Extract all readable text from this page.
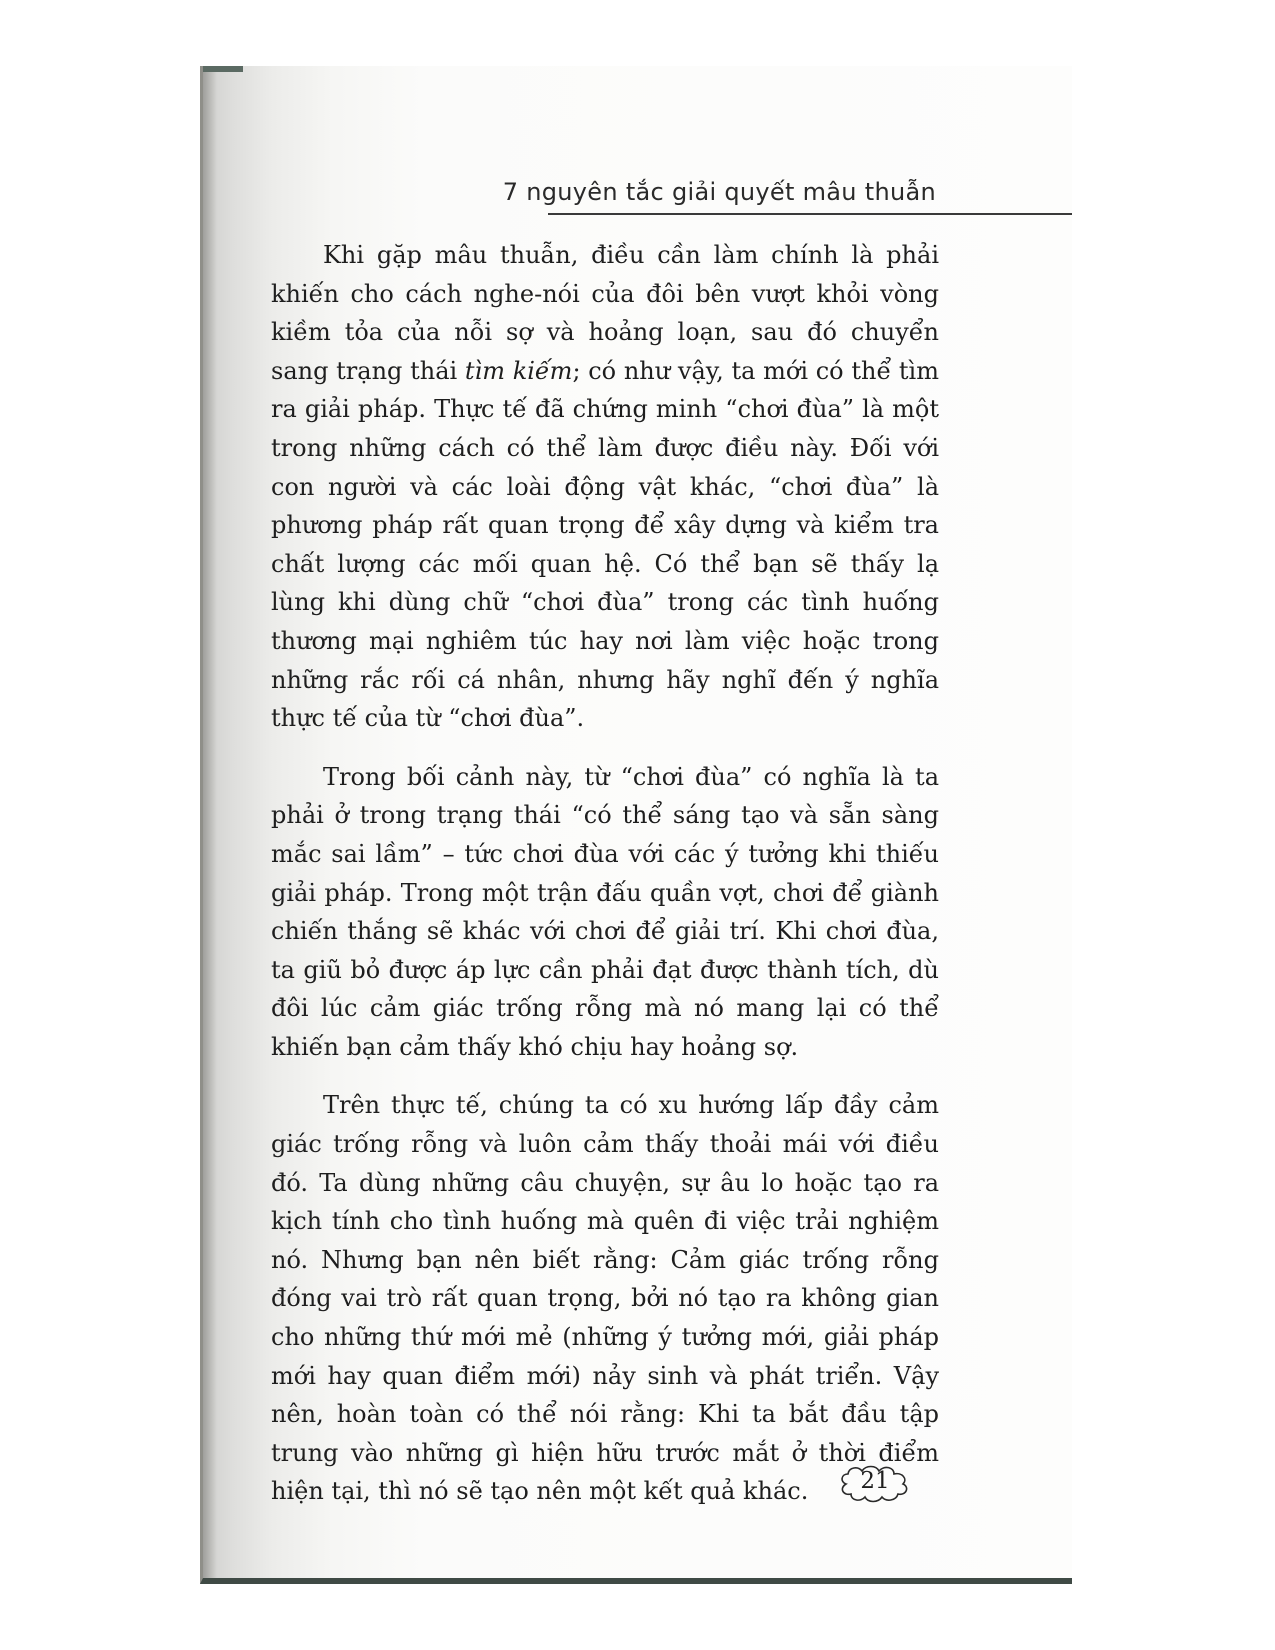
7 nguyên tắc giải quyết mâu thuẫn

Khi gặp mâu thuẫn, điều cần làm chính là phải khiến cho cách nghe-nói của đôi bên vượt khỏi vòng kiềm tỏa của nỗi sợ và hoảng loạn, sau đó chuyển sang trạng thái tìm kiếm; có như vậy, ta mới có thể tìm ra giải pháp. Thực tế đã chứng minh “chơi đùa” là một trong những cách có thể làm được điều này. Đối với con người và các loài động vật khác, “chơi đùa” là phương pháp rất quan trọng để xây dựng và kiểm tra chất lượng các mối quan hệ. Có thể bạn sẽ thấy lạ lùng khi dùng chữ “chơi đùa” trong các tình huống thương mại nghiêm túc hay nơi làm việc hoặc trong những rắc rối cá nhân, nhưng hãy nghĩ đến ý nghĩa thực tế của từ “chơi đùa”.

Trong bối cảnh này, từ “chơi đùa” có nghĩa là ta phải ở trong trạng thái “có thể sáng tạo và sẵn sàng mắc sai lầm” – tức chơi đùa với các ý tưởng khi thiếu giải pháp. Trong một trận đấu quần vợt, chơi để giành chiến thắng sẽ khác với chơi để giải trí. Khi chơi đùa, ta giũ bỏ được áp lực cần phải đạt được thành tích, dù đôi lúc cảm giác trống rỗng mà nó mang lại có thể khiến bạn cảm thấy khó chịu hay hoảng sợ.

Trên thực tế, chúng ta có xu hướng lấp đầy cảm giác trống rỗng và luôn cảm thấy thoải mái với điều đó. Ta dùng những câu chuyện, sự âu lo hoặc tạo ra kịch tính cho tình huống mà quên đi việc trải nghiệm nó. Nhưng bạn nên biết rằng: Cảm giác trống rỗng đóng vai trò rất quan trọng, bởi nó tạo ra không gian cho những thứ mới mẻ (những ý tưởng mới, giải pháp mới hay quan điểm mới) nảy sinh và phát triển. Vậy nên, hoàn toàn có thể nói rằng: Khi ta bắt đầu tập trung vào những gì hiện hữu trước mắt ở thời điểm hiện tại, thì nó sẽ tạo nên một kết quả khác.	21
